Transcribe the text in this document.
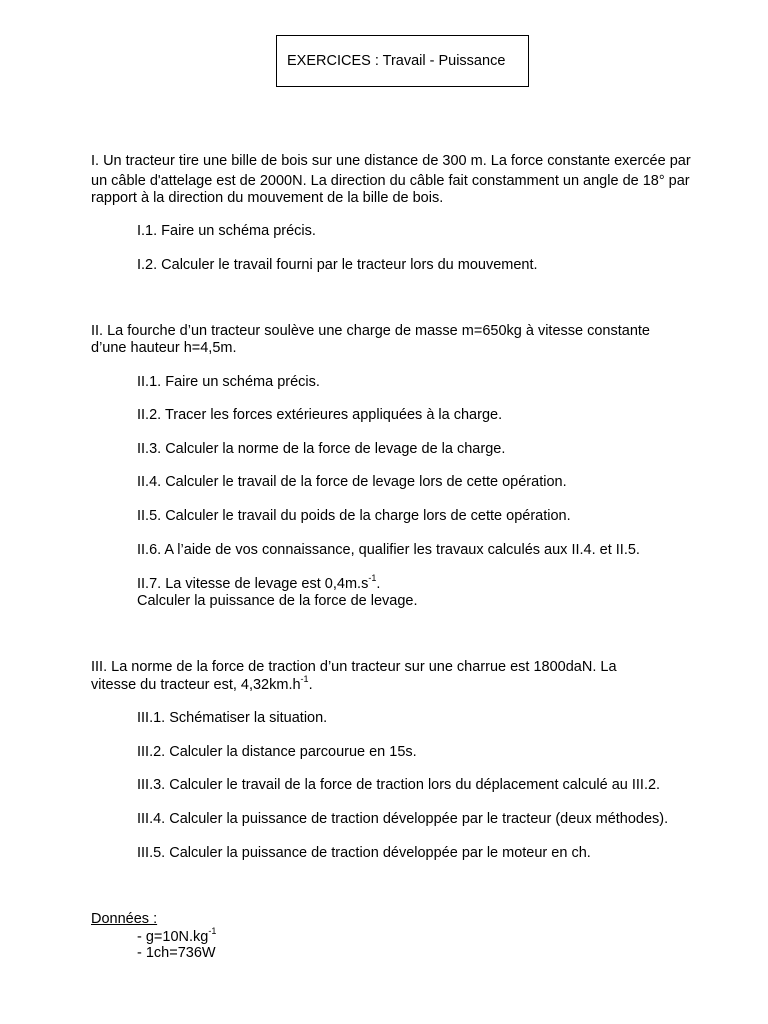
EXERCICES : Travail - Puissance
I. Un tracteur tire une bille de bois sur une distance de 300 m. La force constante exercée par
un câble d'attelage est de 2000N. La direction du câble fait constamment un angle de 18° par
rapport à la direction du mouvement de la bille de bois.
I.1. Faire un schéma précis.
I.2. Calculer le travail fourni par le tracteur lors du mouvement.
II. La fourche d’un tracteur soulève une charge de masse m=650kg à vitesse constante
d’une hauteur h=4,5m.
II.1. Faire un schéma précis.
II.2. Tracer les forces extérieures appliquées à la charge.
II.3. Calculer la norme de la force de levage de la charge.
II.4. Calculer le travail de la force de levage lors de cette opération.
II.5. Calculer le travail du poids de la charge lors de cette opération.
II.6. A l’aide de vos connaissance, qualifier les travaux calculés aux II.4. et II.5.
II.7. La vitesse de levage est $0,4m.s^{-1}$.
Calculer la puissance de la force de levage.
III. La norme de la force de traction d’un tracteur sur une charrue est 1800daN. La
vitesse du tracteur est, $4,32km.h^{-1}$.
III.1. Schématiser la situation.
III.2. Calculer la distance parcourue en 15s.
III.3. Calculer le travail de la force de traction lors du déplacement calculé au III.2.
III.4. Calculer la puissance de traction développée par le tracteur (deux méthodes).
III.5. Calculer la puissance de traction développée par le moteur en ch.
Données :
- $g=10N.kg^{-1}$
- 1ch=736W
